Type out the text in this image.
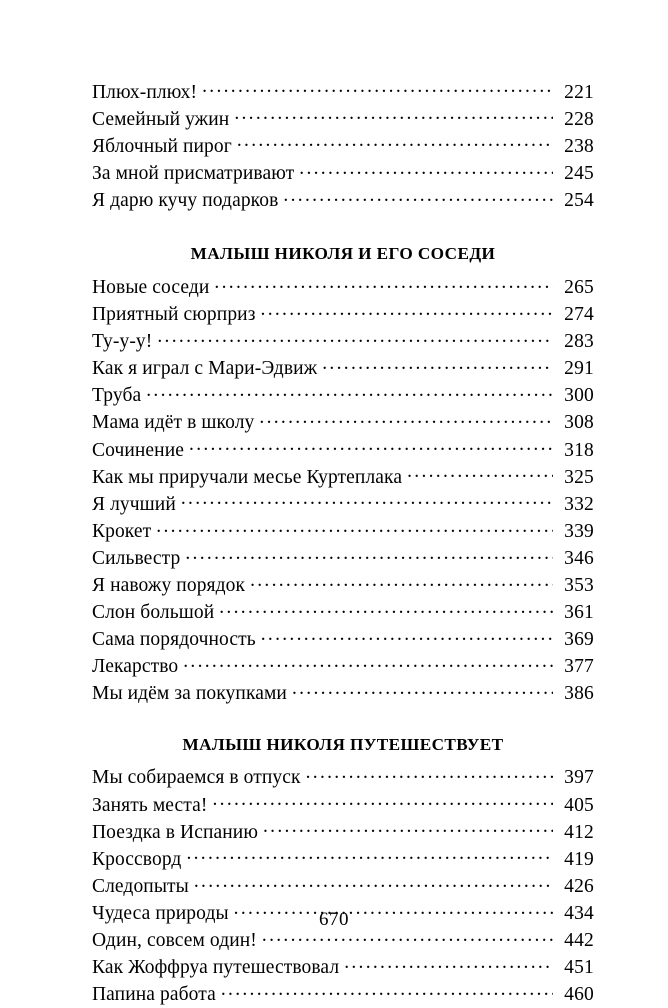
Плюх-плюх! .....	221
Семейный ужин .....	228
Яблочный пирог .....	238
За мной присматривают .....	245
Я дарю кучу подарков .....	254
МАЛЫШ НИКОЛЯ И ЕГО СОСЕДИ
Новые соседи .....	265
Приятный сюрприз .....	274
Ту-у-у! .....	283
Как я играл с Мари-Эдвиж .....	291
Труба .....	300
Мама идёт в школу .....	308
Сочинение .....	318
Как мы приручали месье Куртеплака .....	325
Я лучший .....	332
Крокет .....	339
Сильвестр .....	346
Я навожу порядок .....	353
Слон большой .....	361
Сама порядочность .....	369
Лекарство .....	377
Мы идём за покупками .....	386
МАЛЫШ НИКОЛЯ ПУТЕШЕСТВУЕТ
Мы собираемся в отпуск .....	397
Занять места! .....	405
Поездка в Испанию .....	412
Кроссворд .....	419
Следопыты .....	426
Чудеса природы .....	434
Один, совсем один! .....	442
Как Жоффруа путешествовал .....	451
Папина работа .....	460
670
